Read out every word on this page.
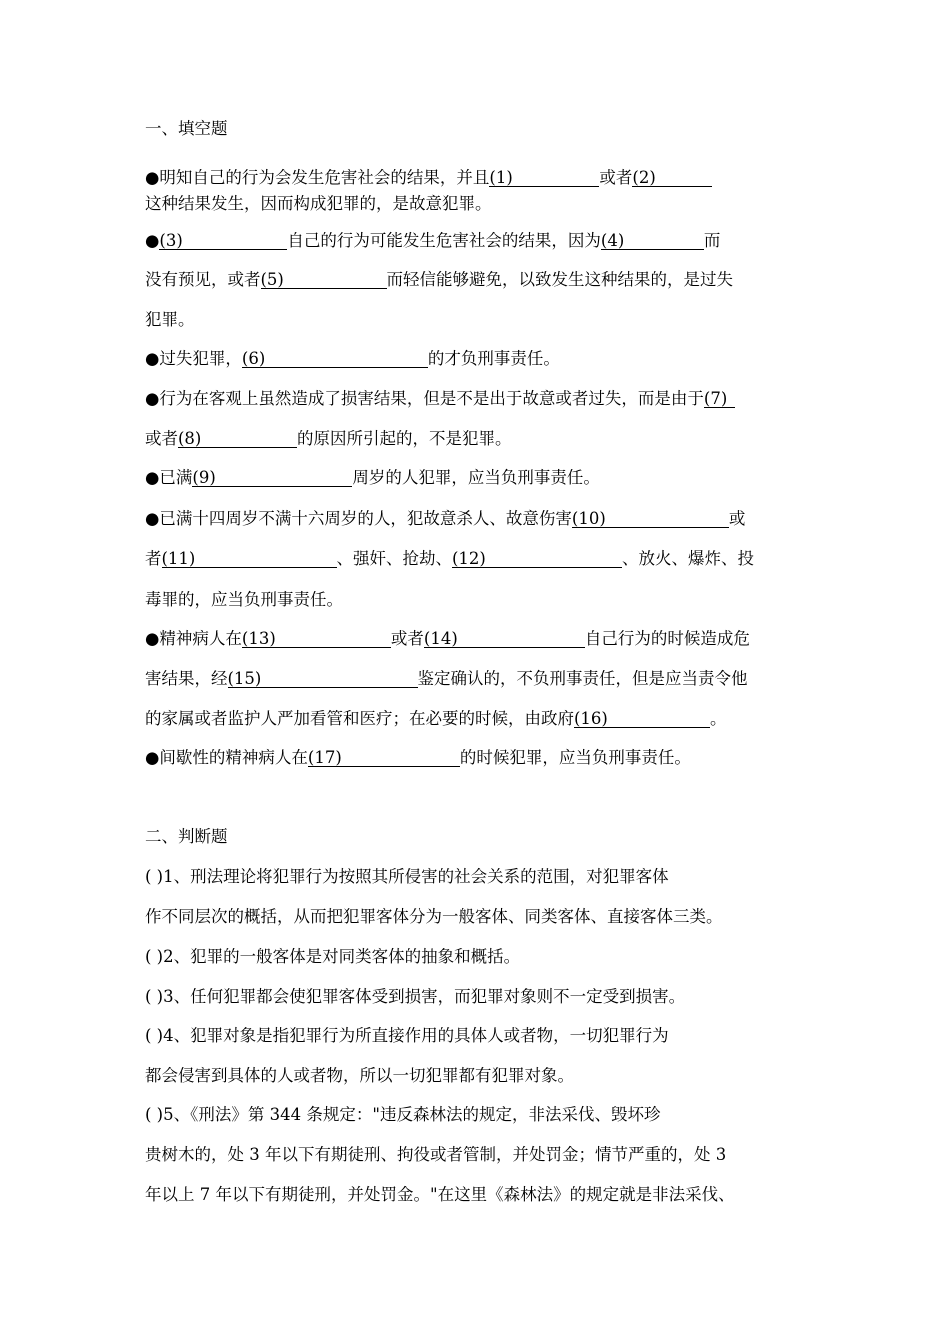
一、填空题
●明知自己的行为会发生危害社会的结果，并且(1)	或者(2)
这种结果发生，因而构成犯罪的，是故意犯罪。
●(3)	自己的行为可能发生危害社会的结果，因为(4)	而
没有预见，或者(5)	而轻信能够避免，以致发生这种结果的，是过失
犯罪。
●过失犯罪，(6)	的才负刑事责任。
●行为在客观上虽然造成了损害结果，但是不是出于故意或者过失，而是由于(7)
或者(8)	的原因所引起的，不是犯罪。
●已满(9)	周岁的人犯罪，应当负刑事责任。
●已满十四周岁不满十六周岁的人，犯故意杀人、故意伤害(10)	或
者(11)	、强奸、抢劫、(12)	、放火、爆炸、投
毒罪的，应当负刑事责任。
●精神病人在(13)	或者(14)	自己行为的时候造成危
害结果，经(15)	鉴定确认的，不负刑事责任，但是应当责令他
的家属或者监护人严加看管和医疗；在必要的时候，由政府(16)	。
●间歇性的精神病人在(17)	的时候犯罪，应当负刑事责任。
二、判断题
( )1、刑法理论将犯罪行为按照其所侵害的社会关系的范围，对犯罪客体
作不同层次的概括，从而把犯罪客体分为一般客体、同类客体、直接客体三类。
( )2、犯罪的一般客体是对同类客体的抽象和概括。
( )3、任何犯罪都会使犯罪客体受到损害，而犯罪对象则不一定受到损害。
( )4、犯罪对象是指犯罪行为所直接作用的具体人或者物，一切犯罪行为
都会侵害到具体的人或者物，所以一切犯罪都有犯罪对象。
( )5、《刑法》第 344 条规定："违反森林法的规定，非法采伐、毁坏珍
贵树木的，处 3 年以下有期徒刑、拘役或者管制，并处罚金；情节严重的，处 3
年以上 7 年以下有期徒刑，并处罚金。"在这里《森林法》的规定就是非法采伐、
